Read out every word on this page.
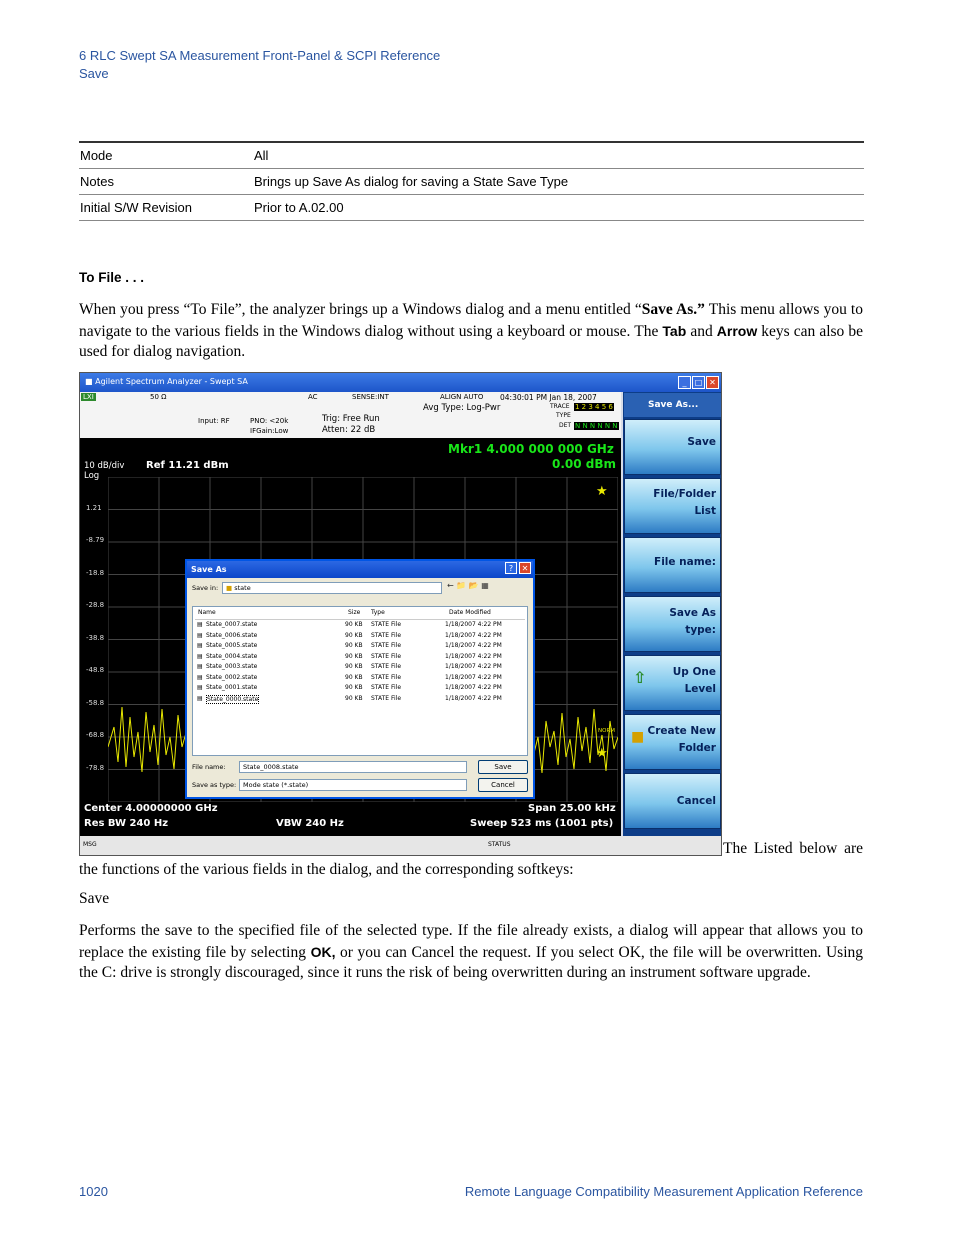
6 RLC Swept SA Measurement Front-Panel & SCPI Reference
Save
Mode	All
Notes	Brings up Save As dialog for saving a State Save Type
Initial S/W Revision	Prior to A.02.00
To File . . .
When you press “To File”, the analyzer brings up a Windows dialog and a menu entitled “Save As.” This menu allows you to navigate to the various fields in the Windows dialog without using a keyboard or mouse. The Tab and Arrow keys can also be used for dialog navigation.
■ Agilent Spectrum Analyzer - Swept SA	_	□ ✕
LXI	50 Ω	AC	SENSE:INT	ALIGN AUTO 04:30:01 PM Jan 18, 2007
Input: RF	PNO: <20k
IFGain:Low
Trig: Free Run
Atten: 22 dB
Avg Type: Log-Pwr	TRACE
TYPE
DET
1 2 3 4 5 6
N N N N N N
10 dB/div
Log
Ref 11.21 dBm
Mkr1 4.000 000 000 GHz
0.00 dBm
1.21
-8.79
-18.8
-28.8
-38.8
-48.8
-58.8
-68.8
-78.8
★
★
NORM
Center 4.00000000 GHz	Span 25.00 kHz
Res BW 240 Hz	VBW 240 Hz	Sweep 523 ms (1001 pts)
Save As	?	✕
Save in:	■ state	← 📁 📂 ▦
Name	Size Type	Date Modified
▤ State_0007.state	90 KB STATE File	1/18/2007 4:22 PM
▤ State_0006.state	90 KB STATE File	1/18/2007 4:22 PM
▤ State_0005.state	90 KB STATE File	1/18/2007 4:22 PM
▤ State_0004.state	90 KB STATE File	1/18/2007 4:22 PM
▤ State_0003.state	90 KB STATE File	1/18/2007 4:22 PM
▤ State_0002.state	90 KB STATE File	1/18/2007 4:22 PM
▤ State_0001.state	90 KB STATE File	1/18/2007 4:22 PM
▤ State_0000.state	90 KB STATE File	1/18/2007 4:22 PM
File name:	State_0008.state
Save as type:	Mode state (*.state)
Save
Cancel
Save As...
Save
File/Folder
List
File name:
Save As
type:
⇧	Up One
Level
■ Create New
Folder
Cancel
MSG	STATUS	The Listed below are the functions of the various fields in the dialog, and the corresponding softkeys:
Save
Performs the save to the specified file of the selected type. If the file already exists, a dialog will appear that allows you to replace the existing file by selecting OK, or you can Cancel the request. If you select OK, the file will be overwritten. Using the C: drive is strongly discouraged, since it runs the risk of being overwritten during an instrument software upgrade.
1020	Remote Language Compatibility Measurement Application Reference
